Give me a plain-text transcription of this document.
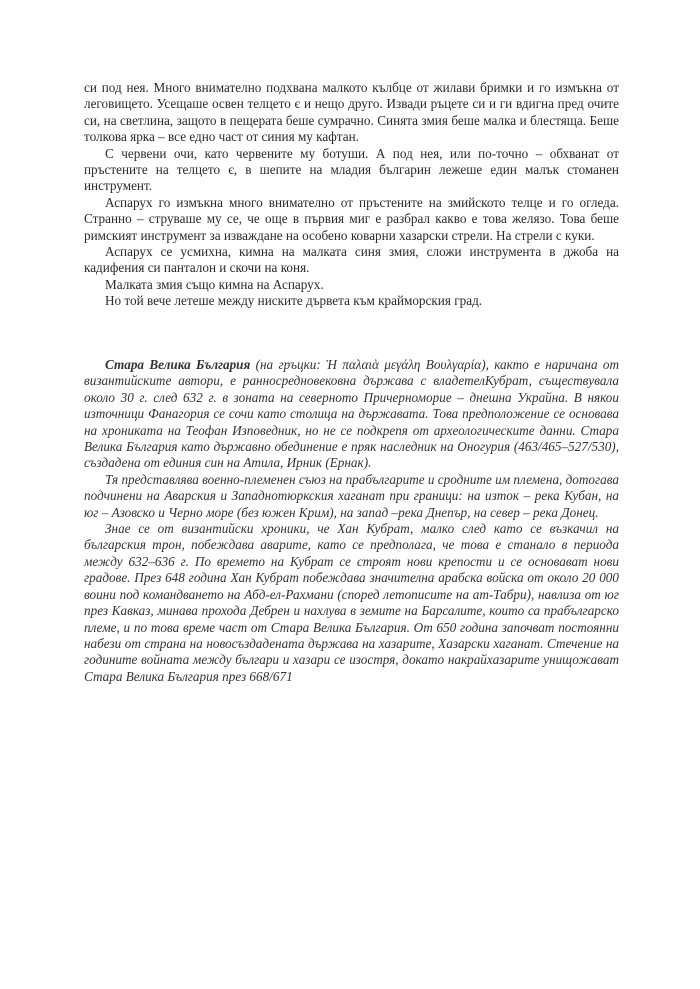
си под нея. Много внимателно подхвана малкото кълбце от жилави бримки и го измъкна от леговището. Усещаше освен телцето є и нещо друго. Извади ръцете си и ги вдигна пред очите си, на светлина, защото в пещерата беше сумрачно. Синята змия беше малка и блестяща. Беше толкова ярка – все едно част от синия му кафтан.

С червени очи, като червените му ботуши. А под нея, или по-точно – обхванат от пръстените на телцето є, в шепите на младия българин лежеше един малък стоманен инструмент.

Аспарух го измъкна много внимателно от пръстените на змийското телце и го огледа. Странно – струваше му се, че още в първия миг е разбрал какво е това желязо. Това беше римският инструмент за изваждане на особено коварни хазарски стрели. На стрели с куки.

Аспарух се усмихна, кимна на малката синя змия, сложи инструмента в джоба на кадифения си панталон и скочи на коня.

Малката змия също кимна на Аспарух.

Но той вече летеше между ниските дървета към крайморския град.

Стара Велика България (на гръцки: Ἡ παλαιὰ μεγάλη Βουλγαρία), както е наричана от византийските автори, е ранносредновековна държава с владетелКубрат, съществувала около 30 г. след 632 г. в зоната на северното Причерноморие – днешна Украйна. В някои източници Фанагория се сочи като столица на държавата. Това предположение се основава на хрониката на Теофан Изповедник, но не се подкрепя от археологическите данни. Стара Велика България като държавно обединение е пряк наследник на Оногурия (463/465–527/530), създадена от единия син на Атила, Ирник (Ернак).

Тя представлява военно-племенен съюз на прабългарите и сродните им племена, дотогава подчинени на Аварския и Западнотюркския хаганат при граници: на изток – река Кубан, на юг – Азовско и Черно море (без южен Крим), на запад –река Днепър, на север – река Донец.

Знае се от византийски хроники, че Хан Кубрат, малко след като се възкачил на българския трон, побеждава аварите, като се предполага, че това е станало в периода между 632–636 г. По времето на Кубрат се строят нови крепости и се основават нови градове. През 648 година Хан Кубрат побеждава значителна арабска войска от около 20 000 воини под командването на Абд-ел-Рахмани (според летописите на ат-Табри), навлиза от юг през Кавказ, минава прохода Дебрен и нахлува в земите на Барсалите, които са прабългарско племе, и по това време част от Стара Велика България. От 650 година започват постоянни набези от страна на новосъздадената държава на хазарите, Хазарски хаганат. Стечение на годините войната между българи и хазари се изостря, докато накрайхазарите унищожават Стара Велика България през 668/671
